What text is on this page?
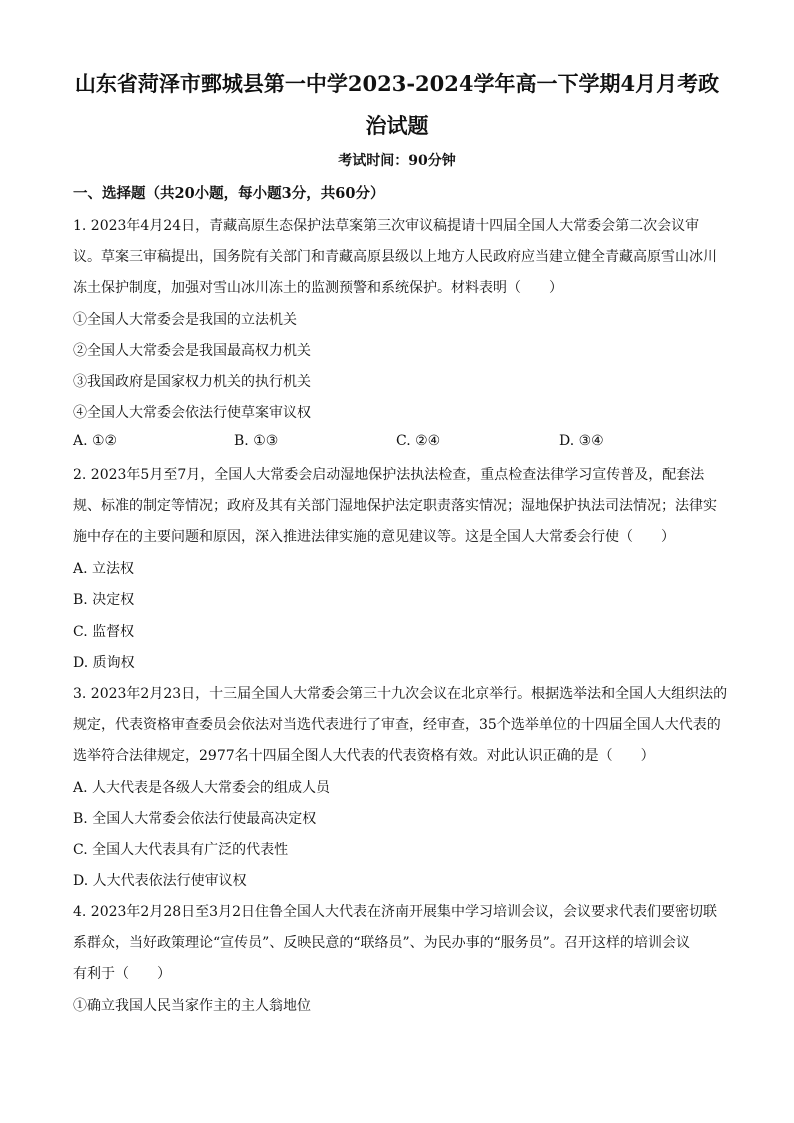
山东省菏泽市鄄城县第一中学2023-2024学年高一下学期4月月考政
治试题
考试时间：90分钟
一、选择题（共20小题，每小题3分，共60分）
1. 2023年4月24日，青藏高原生态保护法草案第三次审议稿提请十四届全国人大常委会第二次会议审
议。草案三审稿提出，国务院有关部门和青藏高原县级以上地方人民政府应当建立健全青藏高原雪山冰川
冻土保护制度，加强对雪山冰川冻土的监测预警和系统保护。材料表明（　　）
①全国人大常委会是我国的立法机关
②全国人大常委会是我国最高权力机关
③我国政府是国家权力机关的执行机关
④全国人大常委会依法行使草案审议权
A. ①②	B. ①③	C. ②④	D. ③④
2. 2023年5月至7月，全国人大常委会启动湿地保护法执法检查，重点检查法律学习宣传普及，配套法
规、标准的制定等情况；政府及其有关部门湿地保护法定职责落实情况；湿地保护执法司法情况；法律实
施中存在的主要问题和原因，深入推进法律实施的意见建议等。这是全国人大常委会行使（　　）
A. 立法权
B. 决定权
C. 监督权
D. 质询权
3. 2023年2月23日，十三届全国人大常委会第三十九次会议在北京举行。根据选举法和全国人大组织法的
规定，代表资格审查委员会依法对当选代表进行了审查，经审查，35个选举单位的十四届全国人大代表的
选举符合法律规定，2977名十四届全图人大代表的代表资格有效。对此认识正确的是（　　）
A. 人大代表是各级人大常委会的组成人员
B. 全国人大常委会依法行使最高决定权
C. 全国人大代表具有广泛的代表性
D. 人大代表依法行使审议权
4. 2023年2月28日至3月2日住鲁全国人大代表在济南开展集中学习培训会议，会议要求代表们要密切联
系群众，当好政策理论“宣传员”、反映民意的“联络员”、为民办事的“服务员”。召开这样的培训会议
有利于（　　）
①确立我国人民当家作主的主人翁地位
